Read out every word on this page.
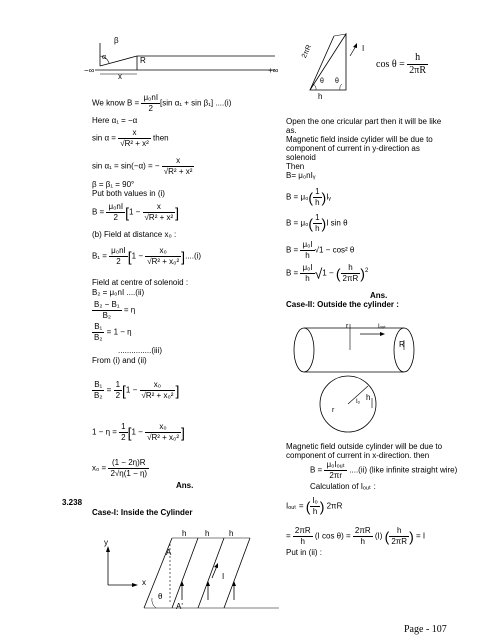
β
α	R
x
−∞	+∞
We know $B = \frac{\text{μ₀nI}}{2} [\sin$ α₁ + sin β₁] ....(i)
Here α₁ = −α
$\sin \alpha = \frac{x}{\text{√R² + x²}}$ then
sin α₁ = sin(−α) = − $\frac{x}{\text{√R² + x²}}$
β = β₁ = 90°
Put both values in (i)
$B = \frac{\text{μ₀nI}}{2} [1 - \frac{x}{\text{√R² + x²}}$ ]
(b) Field at distance x₀ :
$B_1 = \frac{\text{μ₀nI}}{2} [1 - \frac{\text{x₀}}{\text{√R² + x₀²}} ]....(i)$
Field at centre of solenoid :
B₂ = μ₀nI ....(ii)
$\frac{\text{B₂ − B₁}}{\text{B₂}} = \eta$
$\frac{\text{B₁}}{\text{B₂}} = 1 - \eta$
...............(iii)
From (i) and (ii)
$\frac{\text{B₁}}{\text{B₂}} = \frac{1}{2} [1 - \frac{\text{x₀}}{\text{√R² + x₀²}}$ ]
$1 - \eta = \frac{1}{2} [1 - \frac{\text{x₀}}{\text{√R² + x₀²}}$ ]
$x_0 = \frac{(1 - 2\eta)R}{2√\eta(1 - \eta)}$
Ans.
3.238
Case-I: Inside the Cylinder
y
x
h h h
A
A'
θ
I
2πR	I
θ θ
h
$\cos \theta = \frac{h}{2\pi R}$
Open the one cricular part then it will be like
as.
Magnetic field inside cylider will be due to
component of current in y-direction as
solenoid
Then
B= μ₀nIᵧ
$B = \mu_0( \frac{1}{h}$ )Iᵧ
$B = \mu_0( \frac{1}{h} )I$ sin θ
$B = \frac{\text{μ₀I}}{h} √1 - \cos^2$ θ
$B = \frac{\text{μ₀I}}{h} √1$ − ( $\frac{h}{2\pi R} )^2$
Ans.
Case-II: Outside the cylinder :
r	Iₒᵤₜ
R
r
Iₒ h
Magnetic field outside cylinder will be due to
component of current in x-direction. then
$B = \frac{\text{μ₀Iₒᵤₜ}}{2\pi r} ....(ii)$ (like infinite straight wire)
Calculation of Iₒᵤₜ :
Iₒᵤₜ = ( $\frac{\text{Iₒ}}{h}$ ) 2πR
= $\frac{2\pi R}{h} (I$ $\cos \theta) = \frac{2\pi R}{h} (I)$ ( $\frac{h}{2\pi R}$ ) = I
Put in (ii) :
Page - 107
